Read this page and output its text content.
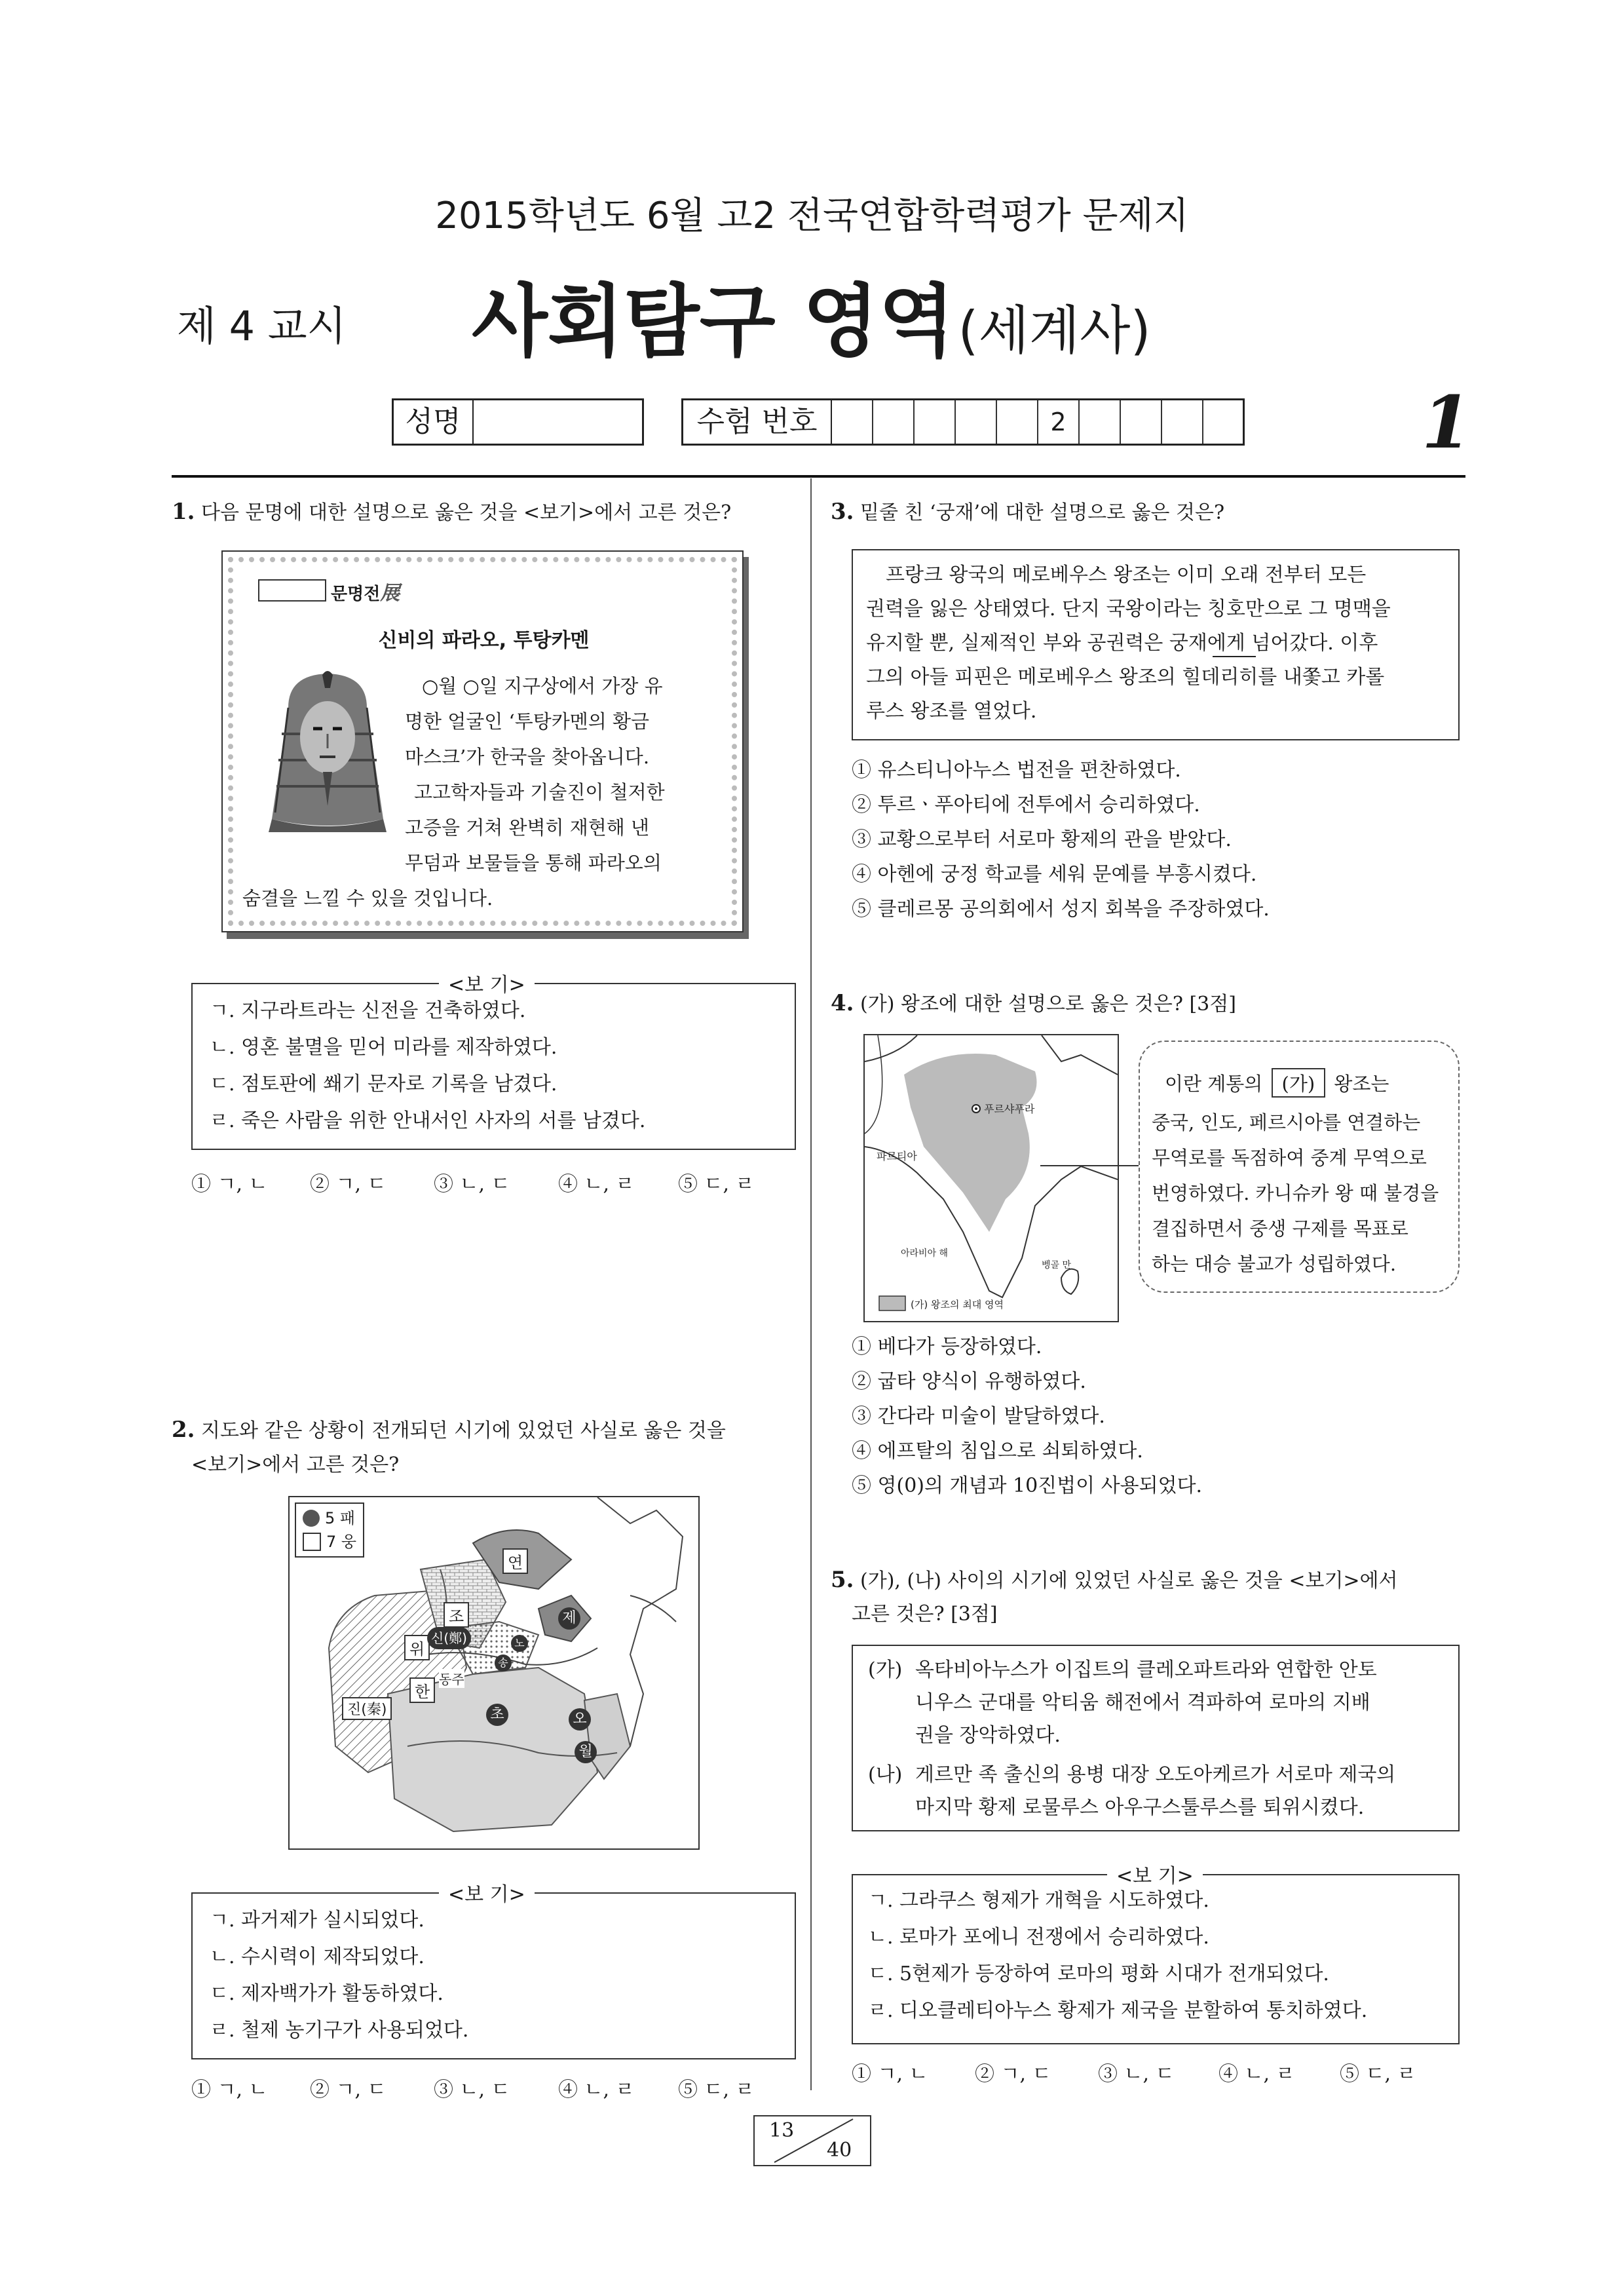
2015학년도 6월 고2 전국연합학력평가 문제지
제 4 교시 사회탐구 영역 (세계사)
성명	수험 번호	2	1
1. 다음 문명에 대한 설명으로 옳은 것을 <보기>에서 고른 것은?
문명전展
신비의 파라오, 투탕카멘
○월 ○일 지구상에서 가장 유
명한 얼굴인 ‘투탕카멘의 황금
마스크’가 한국을 찾아옵니다.
고고학자들과 기술진이 철저한
고증을 거쳐 완벽히 재현해 낸
무덤과 보물들을 통해 파라오의
숨결을 느낄 수 있을 것입니다.
<보 기>
ㄱ. 지구라트라는 신전을 건축하였다.
ㄴ. 영혼 불멸을 믿어 미라를 제작하였다.
ㄷ. 점토판에 쐐기 문자로 기록을 남겼다.
ㄹ. 죽은 사람을 위한 안내서인 사자의 서를 남겼다.
① ㄱ, ㄴ ② ㄱ, ㄷ ③ ㄴ, ㄷ ④ ㄴ, ㄹ ⑤ ㄷ, ㄹ
2. 지도와 같은 상황이 전개되던 시기에 있었던 사실로 옳은 것을
<보기>에서 고른 것은?
5 패
7 웅
연
조	제
위
신(鄭)	노
송
한
동주
진(秦)	초	오
월
<보 기>
ㄱ. 과거제가 실시되었다.
ㄴ. 수시력이 제작되었다.
ㄷ. 제자백가가 활동하였다.
ㄹ. 철제 농기구가 사용되었다.
① ㄱ, ㄴ ② ㄱ, ㄷ ③ ㄴ, ㄷ ④ ㄴ, ㄹ ⑤ ㄷ, ㄹ
3. 밑줄 친 ‘궁재’에 대한 설명으로 옳은 것은?
프랑크 왕국의 메로베우스 왕조는 이미 오래 전부터 모든
권력을 잃은 상태였다. 단지 국왕이라는 칭호만으로 그 명맥을
유지할 뿐, 실제적인 부와 공권력은 궁재에게 넘어갔다. 이후
그의 아들 피핀은 메로베우스 왕조의 힐데리히를 내쫓고 카롤
루스 왕조를 열었다.
① 유스티니아누스 법전을 편찬하였다.
② 투르ㆍ푸아티에 전투에서 승리하였다.
③ 교황으로부터 서로마 황제의 관을 받았다.
④ 아헨에 궁정 학교를 세워 문예를 부흥시켰다.
⑤ 클레르몽 공의회에서 성지 회복을 주장하였다.
4. (가) 왕조에 대한 설명으로 옳은 것은? [3점]
푸르샤푸라
파르티아
아라비아 해
벵골 만
(가) 왕조의 최대 영역
이란 계통의 (가) 왕조는
중국, 인도, 페르시아를 연결하는
무역로를 독점하여 중계 무역으로
번영하였다. 카니슈카 왕 때 불경을
결집하면서 중생 구제를 목표로
하는 대승 불교가 성립하였다.
① 베다가 등장하였다.
② 굽타 양식이 유행하였다.
③ 간다라 미술이 발달하였다.
④ 에프탈의 침입으로 쇠퇴하였다.
⑤ 영(0)의 개념과 10진법이 사용되었다.
5. (가), (나) 사이의 시기에 있었던 사실로 옳은 것을 <보기>에서
고른 것은? [3점]
(가) 옥타비아누스가 이집트의 클레오파트라와 연합한 안토
니우스 군대를 악티움 해전에서 격파하여 로마의 지배
권을 장악하였다.
(나) 게르만 족 출신의 용병 대장 오도아케르가 서로마 제국의
마지막 황제 로물루스 아우구스툴루스를 퇴위시켰다.
<보 기>
ㄱ. 그라쿠스 형제가 개혁을 시도하였다.
ㄴ. 로마가 포에니 전쟁에서 승리하였다.
ㄷ. 5현제가 등장하여 로마의 평화 시대가 전개되었다.
ㄹ. 디오클레티아누스 황제가 제국을 분할하여 통치하였다.
① ㄱ, ㄴ ② ㄱ, ㄷ ③ ㄴ, ㄷ ④ ㄴ, ㄹ ⑤ ㄷ, ㄹ
13
40
